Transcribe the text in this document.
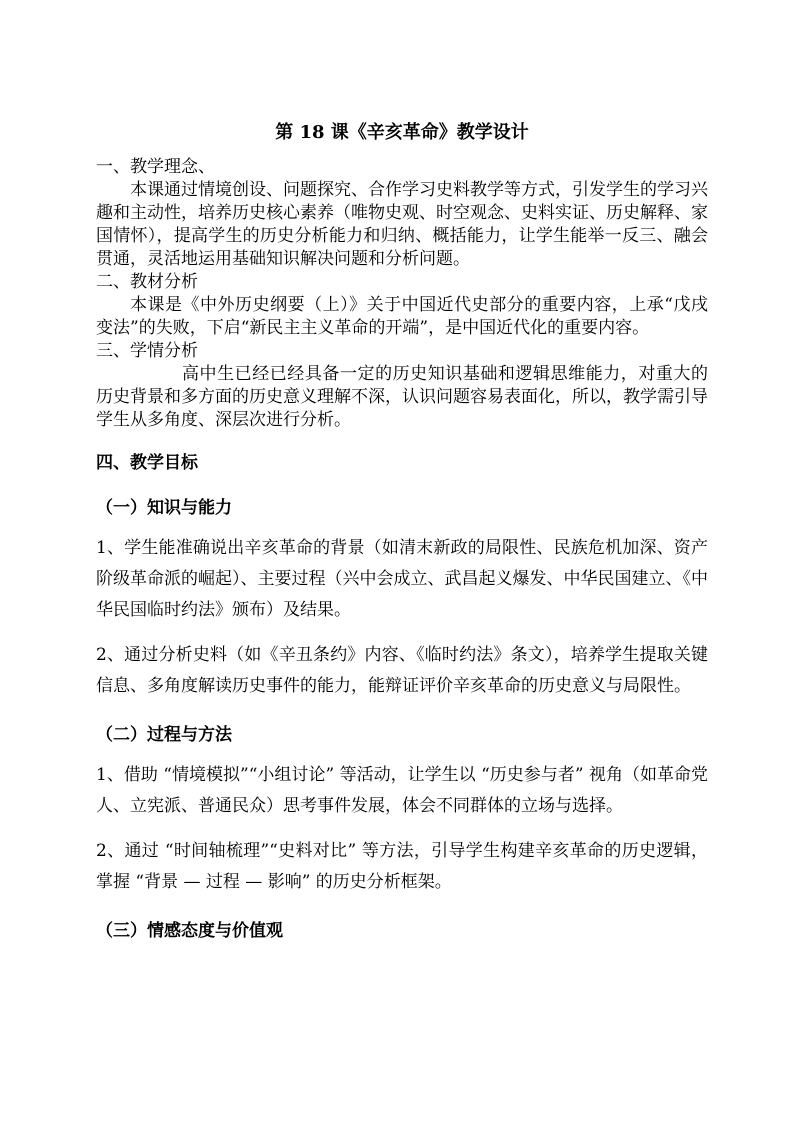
第 18 课《辛亥革命》教学设计
一、教学理念、
本课通过情境创设、问题探究、合作学习史料教学等方式，引发学生的学习兴趣和主动性，培养历史核心素养（唯物史观、时空观念、史料实证、历史解释、家国情怀），提高学生的历史分析能力和归纳、概括能力，让学生能举一反三、融会贯通，灵活地运用基础知识解决问题和分析问题。
二、教材分析
本课是《中外历史纲要（上）》关于中国近代史部分的重要内容，上承“戊戌变法”的失败，下启“新民主主义革命的开端”，是中国近代化的重要内容。
三、学情分析
高中生已经已经具备一定的历史知识基础和逻辑思维能力，对重大的历史背景和多方面的历史意义理解不深，认识问题容易表面化，所以，教学需引导学生从多角度、深层次进行分析。
四、教学目标
（一）知识与能力
1、学生能准确说出辛亥革命的背景（如清末新政的局限性、民族危机加深、资产阶级革命派的崛起）、主要过程（兴中会成立、武昌起义爆发、中华民国建立、《中华民国临时约法》颁布）及结果。
2、通过分析史料（如《辛丑条约》内容、《临时约法》条文），培养学生提取关键信息、多角度解读历史事件的能力，能辩证评价辛亥革命的历史意义与局限性。
（二）过程与方法
1、借助 “情境模拟”“小组讨论” 等活动，让学生以 “历史参与者” 视角（如革命党人、立宪派、普通民众）思考事件发展，体会不同群体的立场与选择。
2、通过 “时间轴梳理”“史料对比” 等方法，引导学生构建辛亥革命的历史逻辑，掌握 “背景 — 过程 — 影响” 的历史分析框架。
（三）情感态度与价值观
